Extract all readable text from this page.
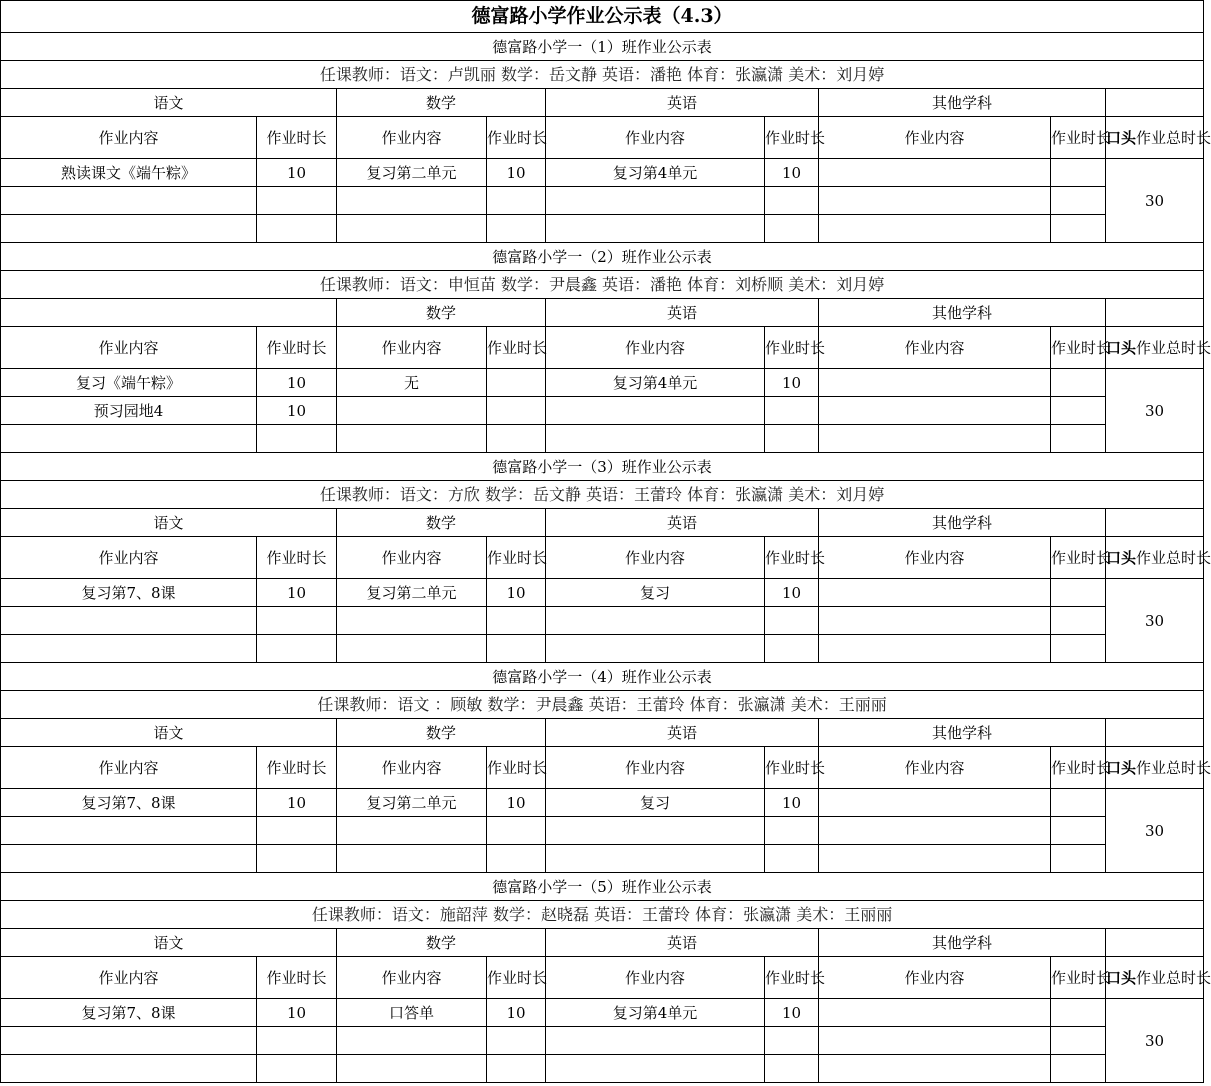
德富路小学作业公示表（4.3）								
德富路小学一（1）班作业公示表								
任课教师：语文：卢凯丽 数学：岳文静 英语：潘艳 体育：张瀛潇 美术：刘月婷								
语文		数学		英语		其他学科		
作业内容	作业时长	作业内容	作业时长	作业内容	作业时长	作业内容	作业时长	口头作业总时长
熟读课文《端午粽》	10	复习第二单元	10	复习第4单元	10			30

德富路小学一（2）班作业公示表								
任课教师：语文：申恒苗 数学：尹晨鑫 英语：潘艳 体育：刘桥顺 美术：刘月婷								
		数学		英语		其他学科		
作业内容	作业时长	作业内容	作业时长	作业内容	作业时长	作业内容	作业时长	口头作业总时长
复习《端午粽》	10	无		复习第4单元	10			30
预习园地4	10							

德富路小学一（3）班作业公示表								
任课教师：语文：方欣 数学：岳文静 英语：王蕾玲 体育：张瀛潇 美术：刘月婷								
语文		数学		英语		其他学科		
作业内容	作业时长	作业内容	作业时长	作业内容	作业时长	作业内容	作业时长	口头作业总时长
复习第7、8课	10	复习第二单元	10	复习	10			30

德富路小学一（4）班作业公示表								
任课教师：语文 ：顾敏 数学：尹晨鑫 英语：王蕾玲 体育：张瀛潇 美术：王丽丽								
语文		数学		英语		其他学科		
作业内容	作业时长	作业内容	作业时长	作业内容	作业时长	作业内容	作业时长	口头作业总时长
复习第7、8课	10	复习第二单元	10	复习	10			30

德富路小学一（5）班作业公示表								
任课教师：语文：施韶萍 数学：赵晓磊 英语：王蕾玲 体育：张瀛潇 美术：王丽丽								
语文		数学		英语		其他学科		
作业内容	作业时长	作业内容	作业时长	作业内容	作业时长	作业内容	作业时长	口头作业总时长
复习第7、8课	10	口答单	10	复习第4单元	10			30
